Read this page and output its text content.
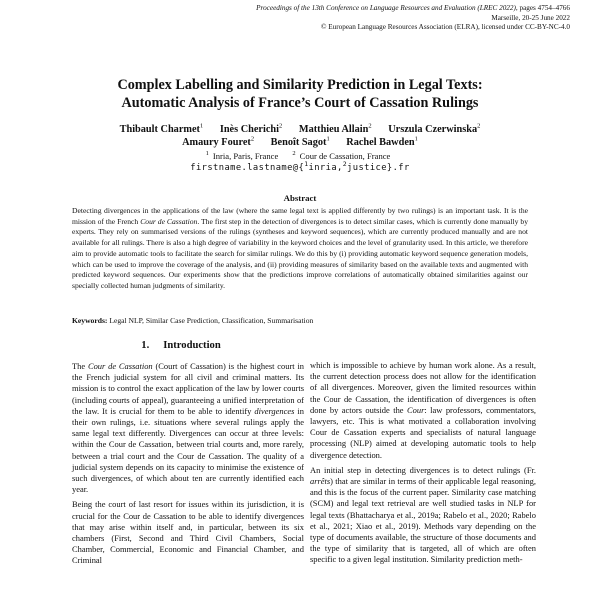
Proceedings of the 13th Conference on Language Resources and Evaluation (LREC 2022), pages 4754–4766
Marseille, 20-25 June 2022
© European Language Resources Association (ELRA), licensed under CC-BY-NC-4.0
Complex Labelling and Similarity Prediction in Legal Texts:
Automatic Analysis of France’s Court of Cassation Rulings
Thibault Charmet$^1$ Inès Cherichi$^2$ Matthieu Allain$^2$ Urszula Czerwinska$^2$
Amaury Fouret$^2$ Benoît Sagot$^1$ Rachel Bawden$^1$
$^1$ Inria, Paris, France $^2$ Cour de Cassation, France
firstname.lastname@{$^1$inria,$^2$justice}.fr
Abstract
Detecting divergences in the applications of the law (where the same legal text is applied differently by two rulings) is an important task. It is the mission of the French Cour de Cassation. The first step in the detection of divergences is to detect similar cases, which is currently done manually by experts. They rely on summarised versions of the rulings (syntheses and keyword sequences), which are currently produced manually and are not available for all rulings. There is also a high degree of variability in the keyword choices and the level of granularity used. In this article, we therefore aim to provide automatic tools to facilitate the search for similar rulings. We do this by (i) providing automatic keyword sequence generation models, which can be used to improve the coverage of the analysis, and (ii) providing measures of similarity based on the available texts and augmented with predicted keyword sequences. Our experiments show that the predictions improve correlations of automatically obtained similarities against our specially collected human judgments of similarity.
Keywords: Legal NLP, Similar Case Prediction, Classification, Summarisation
1. Introduction

The Cour de Cassation (Court of Cassation) is the highest court in the French judicial system for all civil and criminal matters. Its mission is to control the exact application of the law by lower courts (including courts of appeal), guaranteeing a unified interpretation of the law. It is crucial for them to be able to identify divergences in their own rulings, i.e. situations where several rulings apply the same legal text differently. Divergences can occur at three levels: within the Cour de Cassation, between trial courts and, more rarely, between a trial court and the Cour de Cassation. The quality of a judicial system depends on its capacity to minimise the existence of such divergences, of which about ten are currently identified each year.

Being the court of last resort for issues within its jurisdiction, it is crucial for the Cour de Cassation to be able to identify divergences that may arise within itself and, in particular, between its six chambers (First, Second and Third Civil Chambers, Social Chamber, Commercial, Economic and Financial Chamber, and Criminal

which is impossible to achieve by human work alone. As a result, the current detection process does not allow for the identification of all divergences. Moreover, given the limited resources within the Cour de Cassation, the identification of divergences is often done by actors outside the Cour: law professors, commentators, lawyers, etc. This is what motivated a collaboration involving Cour de Cassation experts and specialists of natural language processing (NLP) aimed at developing automatic tools to help divergence detection.

An initial step in detecting divergences is to detect rulings (Fr. arrêts) that are similar in terms of their applicable legal reasoning, and this is the focus of the current paper. Similarity case matching (SCM) and legal text retrieval are well studied tasks in NLP for legal texts (Bhattacharya et al., 2019a; Rabelo et al., 2020; Rabelo et al., 2021; Xiao et al., 2019). Methods vary depending on the type of documents available, the structure of those documents and the type of similarity that is targeted, all of which are often specific to a given legal institution. Similarity prediction meth-
